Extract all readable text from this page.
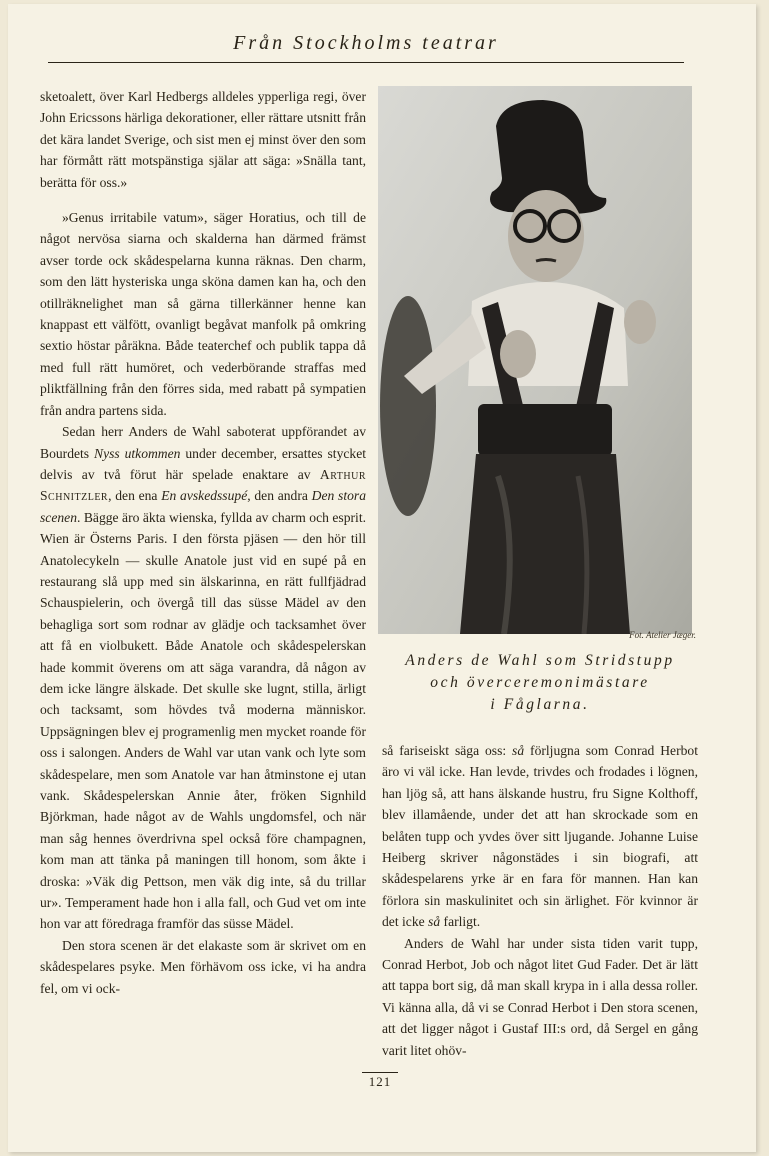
Från Stockholms teatrar

sketoalett, över Karl Hedbergs alldeles ypperliga regi, över John Ericssons härliga dekorationer, eller rättare utsnitt från det kära landet Sverige, och sist men ej minst över den som har förmått rätt motspänstiga själar att säga: »Snälla tant, berätta för oss.»

»Genus irritabile vatum», säger Horatius, och till de något nervösa siarna och skalderna han därmed främst avser torde ock skådespelarna kunna räknas. Den charm, som den lätt hysteriska unga sköna damen kan ha, och den otillräknelighet man så gärna tillerkänner henne kan knappast ett välfött, ovanligt begåvat manfolk på omkring sextio höstar påräkna. Både teaterchef och publik tappa då med full rätt humöret, och vederbörande straffas med pliktfällning från den förres sida, med rabatt på sympatien från andra partens sida.

Sedan herr Anders de Wahl saboterat uppförandet av Bourdets Nyss utkommen under december, ersattes stycket delvis av två förut här spelade enaktare av Arthur Schnitzler, den ena En avskedssupé, den andra Den stora scenen. Bägge äro äkta wienska, fyllda av charm och esprit. Wien är Österns Paris. I den första pjäsen — den hör till Anatolecykeln — skulle Anatole just vid en supé på en restaurang slå upp med sin älskarinna, en rätt fullfjädrad Schauspielerin, och övergå till das süsse Mädel av den behagliga sort som rodnar av glädje och tacksamhet över att få en violbukett. Både Anatole och skådespelerskan hade kommit överens om att säga varandra, då någon av dem icke längre älskade. Det skulle ske lugnt, stilla, ärligt och tacksamt, som hövdes två moderna människor. Uppsägningen blev ej programenlig men mycket roande för oss i salongen. Anders de Wahl var utan vank och lyte som skådespelare, men som Anatole var han åtminstone ej utan vank. Skådespelerskan Annie åter, fröken Signhild Björkman, hade något av de Wahls ungdomsfel, och när man såg hennes överdrivna spel också före champagnen, kom man att tänka på maningen till honom, som åkte i droska: »Väk dig Pettson, men väk dig inte, så du trillar ur». Temperament hade hon i alla fall, och Gud vet om inte hon var att föredraga framför das süsse Mädel.

Den stora scenen är det elakaste som är skrivet om en skådespelares psyke. Men förhävom oss icke, vi ha andra fel, om vi ock-

Fot. Atelier Jæger.
Anders de Wahl som Stridstupp
och överceremonimästare
i Fåglarna.

så fariseiskt säga oss: så förljugna som Conrad Herbot äro vi väl icke. Han levde, trivdes och frodades i lögnen, han ljög så, att hans älskande hustru, fru Signe Kolthoff, blev illamående, under det att han skrockade som en belåten tupp och yvdes över sitt ljugande. Johanne Luise Heiberg skriver någonstädes i sin biografi, att skådespelarens yrke är en fara för mannen. Han kan förlora sin maskulinitet och sin ärlighet. För kvinnor är det icke så farligt.

Anders de Wahl har under sista tiden varit tupp, Conrad Herbot, Job och något litet Gud Fader. Det är lätt att tappa bort sig, då man skall krypa in i alla dessa roller. Vi känna alla, då vi se Conrad Herbot i Den stora scenen, att det ligger något i Gustaf III:s ord, då Sergel en gång varit litet ohöv-

121
